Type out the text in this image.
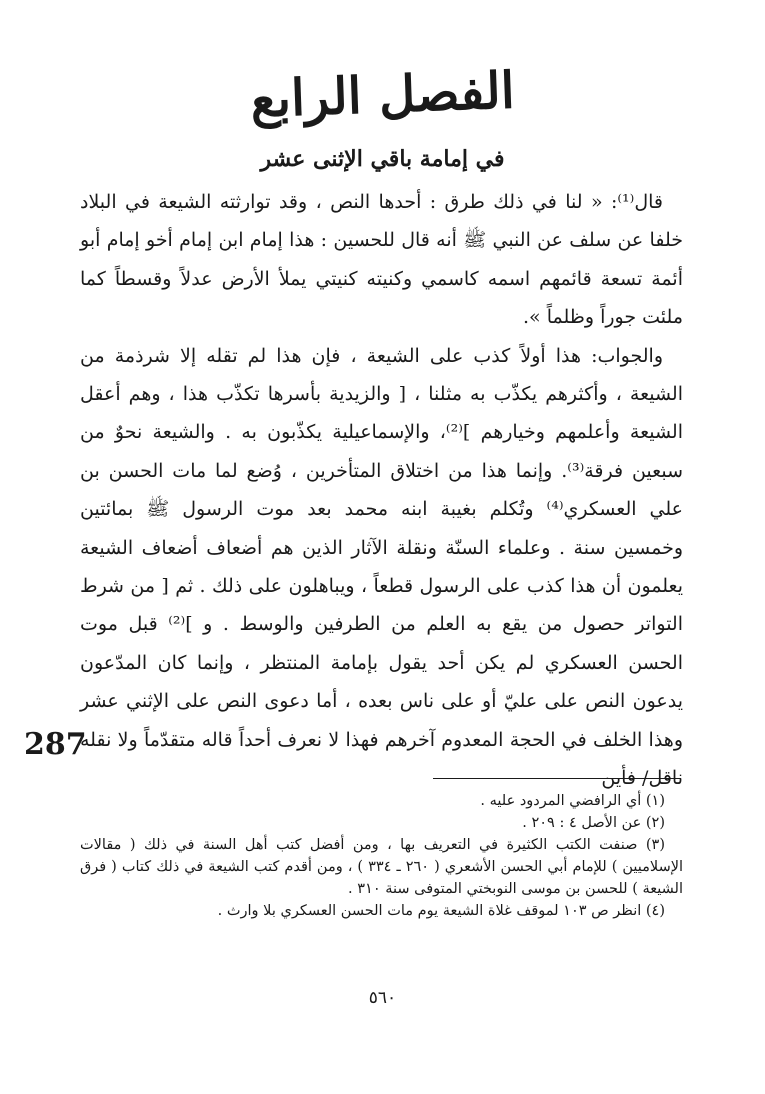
الفصل الرابع
في إمامة باقي الإثنى عشر

قال⁽¹⁾: « لنا في ذلك طرق : أحدها النص ، وقد توارثته الشيعة في البلاد خلفا عن سلف عن النبي ﷺ أنه قال للحسين : هذا إمام ابن إمام أخو إمام أبو أئمة تسعة قائمهم اسمه كاسمي وكنيته كنيتي يملأ الأرض عدلاً وقسطاً كما ملئت جوراً وظلماً ».

والجواب: هذا أولاً كذب على الشيعة ، فإن هذا لم تقله إلا شرذمة من الشيعة ، وأكثرهم يكذّب به مثلنا ، [ والزيدية بأسرها تكذّب هذا ، وهم أعقل الشيعة وأعلمهم وخيارهم ]⁽²⁾، والإسماعيلية يكذّبون به . والشيعة نحوٌ من سبعين فرقة⁽³⁾. وإنما هذا من اختلاق المتأخرين ، وُضع لما مات الحسن بن علي العسكري⁽⁴⁾ وتُكلم بغيبة ابنه محمد بعد موت الرسول ﷺ بمائتين وخمسين سنة . وعلماء السنّة ونقلة الآثار الذين هم أضعاف أضعاف الشيعة يعلمون أن هذا كذب على الرسول قطعاً ، ويباهلون على ذلك . ثم [ من شرط التواتر حصول من يقع به العلم من الطرفين والوسط . و ]⁽²⁾ قبل موت الحسن العسكري لم يكن أحد يقول بإمامة المنتظر ، وإنما كان المدّعون يدعون النص على عليّ أو على ناس بعده ، أما دعوى النص على الإثني عشر وهذا الخلف في الحجة المعدوم آخرهم فهذا لا نعرف أحداً قاله متقدّماً ولا نقله ناقل/ فأين

287

(١) أي الرافضي المردود عليه .

(٢) عن الأصل ٤ : ٢٠٩ .

(٣) صنفت الكتب الكثيرة في التعريف بها ، ومن أفضل كتب أهل السنة في ذلك ( مقالات الإسلاميين ) للإمام أبي الحسن الأشعري ( ٢٦٠ ـ ٣٣٤ ) ، ومن أقدم كتب الشيعة في ذلك كتاب ( فرق الشيعة ) للحسن بن موسى النوبختي المتوفى سنة ٣١٠ .

(٤) انظر ص ١٠٣ لموقف غلاة الشيعة يوم مات الحسن العسكري بلا وارث .

٥٦٠
